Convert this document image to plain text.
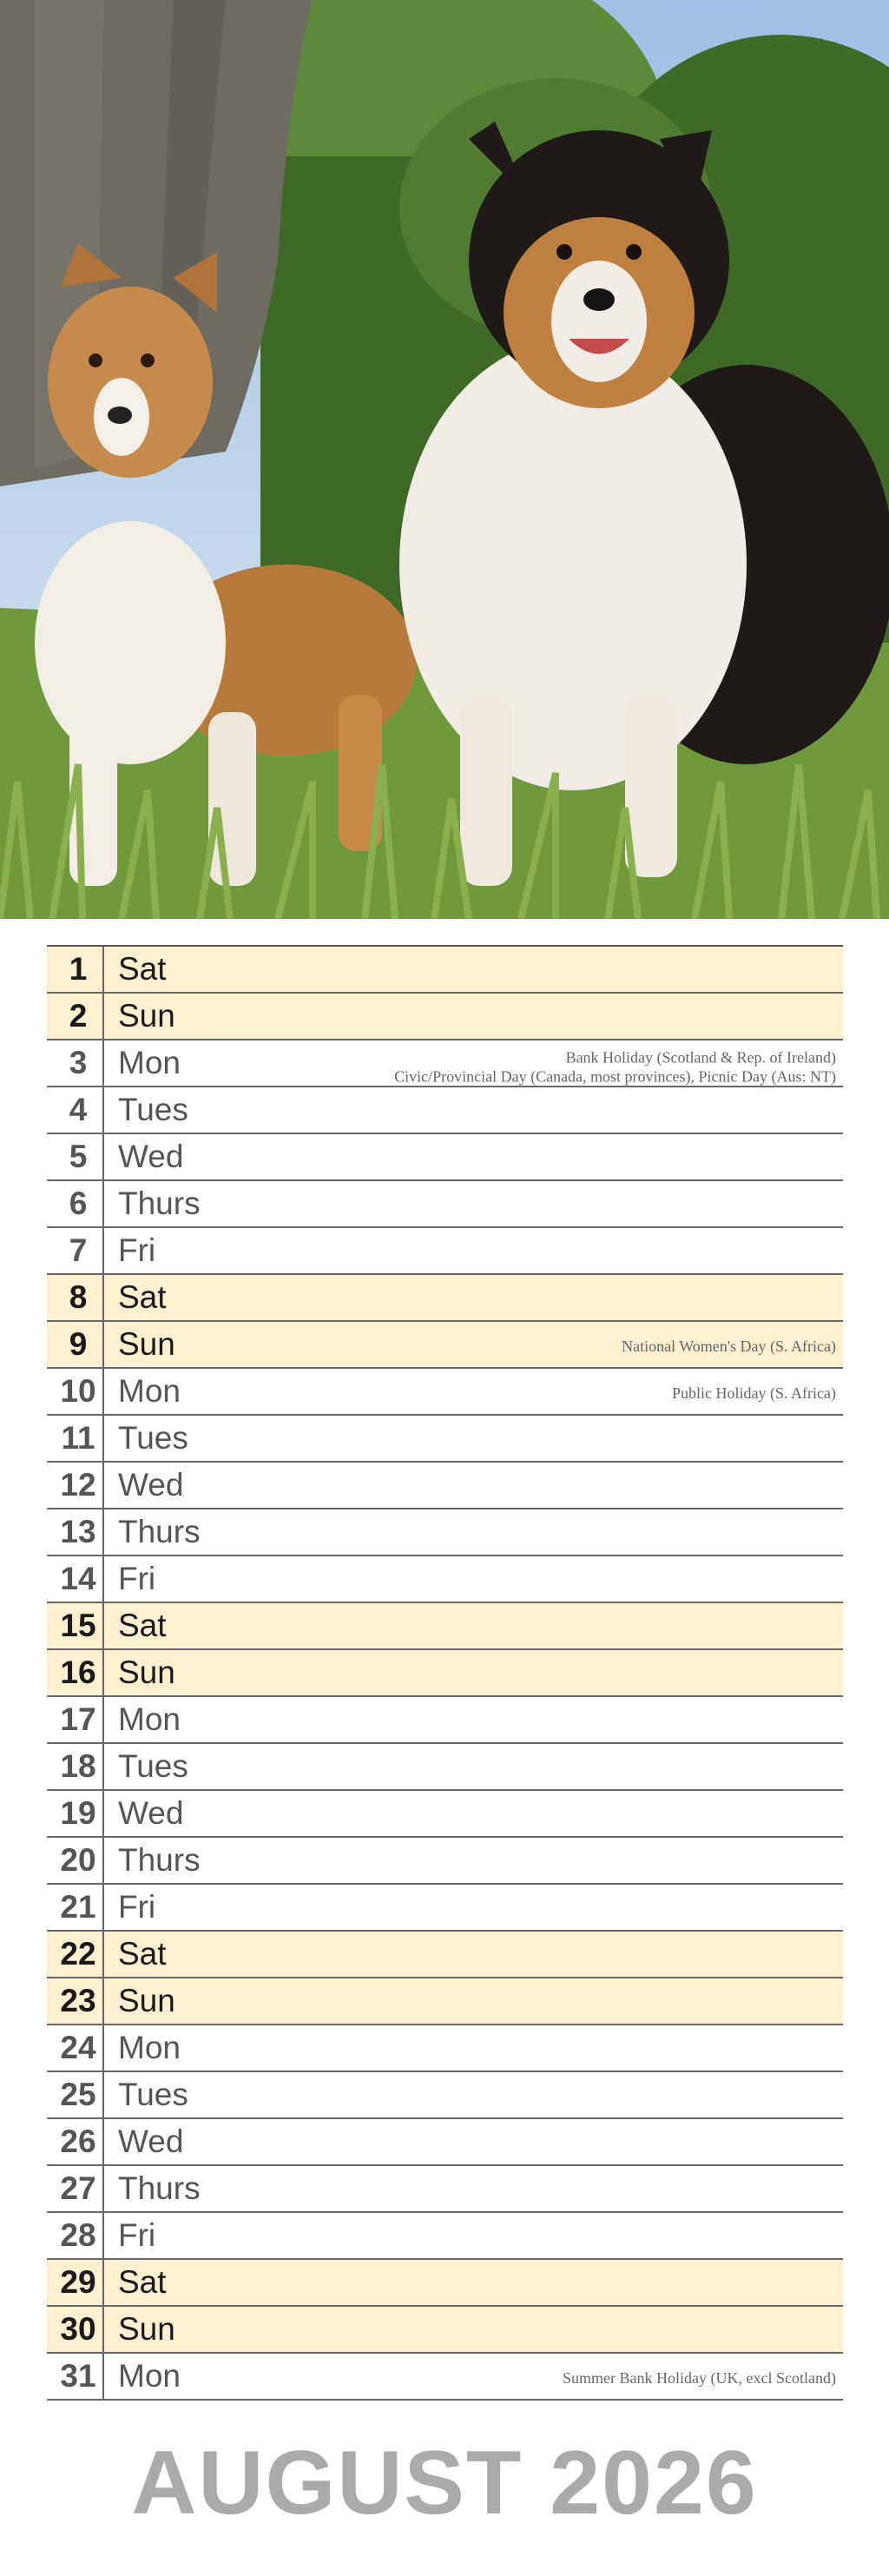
1 Sat
2 Sun
3 Mon	Bank Holiday (Scotland & Rep. of Ireland)
Civic/Provincial Day (Canada, most provinces), Picnic Day (Aus: NT)
4 Tues
5 Wed
6 Thurs
7 Fri
8 Sat
9 Sun	National Women's Day (S. Africa)
10 Mon	Public Holiday (S. Africa)
11 Tues
12 Wed
13 Thurs
14 Fri
15 Sat
16 Sun
17 Mon
18 Tues
19 Wed
20 Thurs
21 Fri
22 Sat
23 Sun
24 Mon
25 Tues
26 Wed
27 Thurs
28 Fri
29 Sat
30 Sun
31 Mon	Summer Bank Holiday (UK, excl Scotland)
AUGUST 2026
